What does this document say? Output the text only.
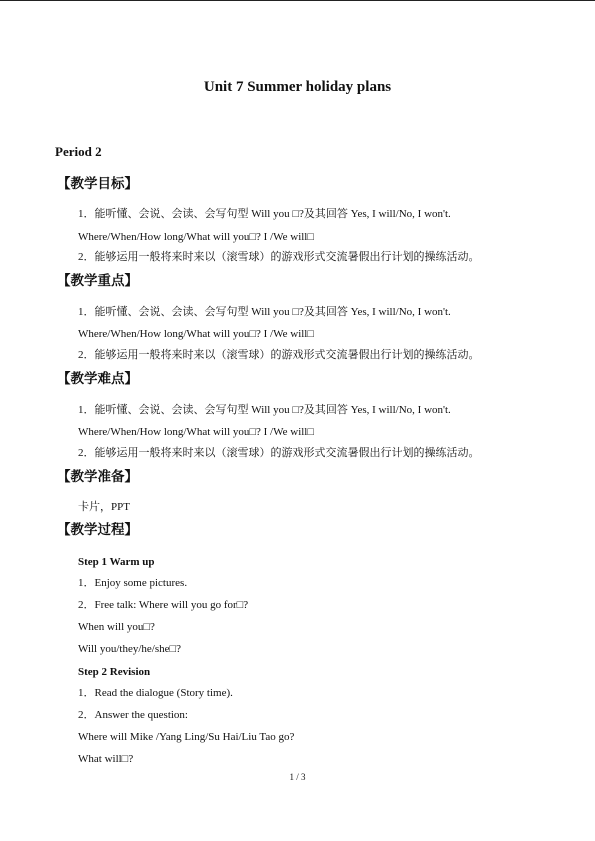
Unit 7 Summer holiday plans
Period 2
【教学目标】
1．能听懂、会说、会读、会写句型 Will you □?及其回答 Yes, I will/No, I won't.
Where/When/How long/What will you□? I /We will□
2．能够运用一般将来时来以（滚雪球）的游戏形式交流暑假出行计划的操练活动。
【教学重点】
1．能听懂、会说、会读、会写句型 Will you □?及其回答 Yes, I will/No, I won't.
Where/When/How long/What will you□? I /We will□
2．能够运用一般将来时来以（滚雪球）的游戏形式交流暑假出行计划的操练活动。
【教学难点】
1．能听懂、会说、会读、会写句型 Will you □?及其回答 Yes, I will/No, I won't.
Where/When/How long/What will you□? I /We will□
2．能够运用一般将来时来以（滚雪球）的游戏形式交流暑假出行计划的操练活动。
【教学准备】
卡片，PPT
【教学过程】
Step 1 Warm up
1．Enjoy some pictures.
2．Free talk: Where will you go for□?
When will you□?
Will you/they/he/she□?
Step 2 Revision
1．Read the dialogue (Story time).
2．Answer the question:
Where will Mike /Yang Ling/Su Hai/Liu Tao go?
What will□?
1 / 3
